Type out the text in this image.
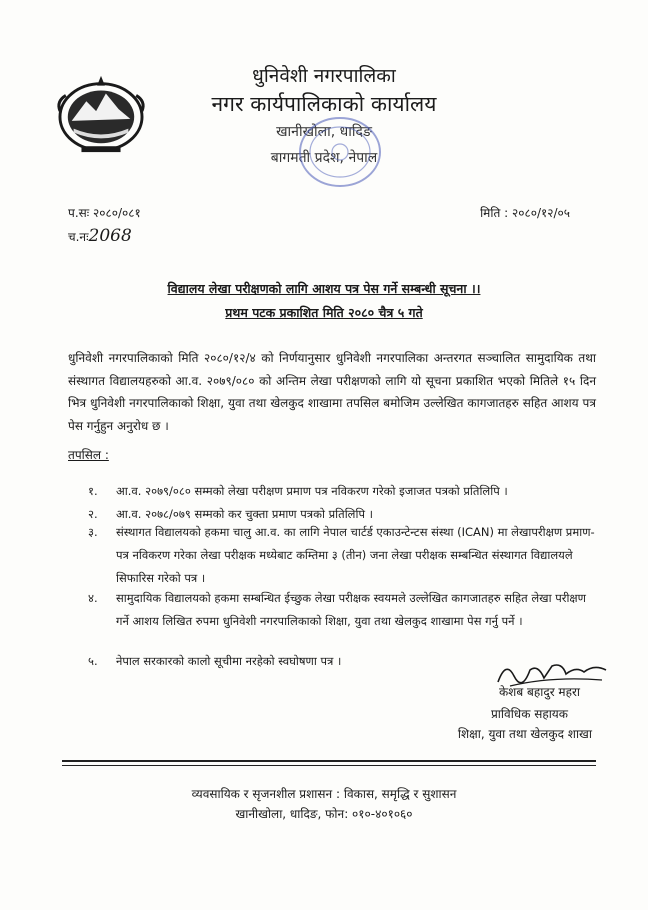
धुनिवेशी नगरपालिका
नगर कार्यपालिकाको कार्यालय
खानीखोला, धादिङ
बागमती प्रदेश, नेपाल
प.सः २०८०/०८१
च.नः2068
मिति : २०८०/१२/०५
विद्यालय लेखा परीक्षणको लागि आशय पत्र पेस गर्ने सम्बन्धी सूचना ।।
प्रथम पटक प्रकाशित मिति २०८० चैत्र ५ गते
धुनिवेशी नगरपालिकाको मिति २०८०/१२/४ को निर्णयानुसार धुनिवेशी नगरपालिका अन्तरगत सञ्चालित सामुदायिक तथा संस्थागत विद्यालयहरुको आ.व. २०७९/०८० को अन्तिम लेखा परीक्षणको लागि यो सूचना प्रकाशित भएको मितिले १५ दिन भित्र धुनिवेशी नगरपालिकाको शिक्षा, युवा तथा खेलकुद शाखामा तपसिल बमोजिम उल्लेखित कागजातहरु सहित आशय पत्र पेस गर्नुहुन अनुरोध छ ।
तपसिल :
१.	आ.व. २०७९/०८० सम्मको लेखा परीक्षण प्रमाण पत्र नविकरण गरेको इजाजत पत्रको प्रतिलिपि ।
२.	आ.व. २०७८/०७९ सम्मको कर चुक्ता प्रमाण पत्रको प्रतिलिपि ।
३.	संस्थागत विद्यालयको हकमा चालु आ.व. का लागि नेपाल चार्टर्ड एकाउन्टेन्टस संस्था (ICAN) मा लेखापरीक्षण प्रमाण-पत्र नविकरण गरेका लेखा परीक्षक मध्येबाट कम्तिमा ३ (तीन) जना लेखा परीक्षक सम्बन्धित संस्थागत विद्यालयले सिफारिस गरेको पत्र ।
४.	सामुदायिक विद्यालयको हकमा सम्बन्धित ईच्छुक लेखा परीक्षक स्वयमले उल्लेखित कागजातहरु सहित लेखा परीक्षण गर्ने आशय लिखित रुपमा धुनिवेशी नगरपालिकाको शिक्षा, युवा तथा खेलकुद शाखामा पेस गर्नु पर्ने ।
५.	नेपाल सरकारको कालो सूचीमा नरहेको स्वघोषणा पत्र ।
केशब बहादुर महरा
प्राविधिक सहायक
शिक्षा, युवा तथा खेलकुद शाखा
व्यवसायिक र सृजनशील प्रशासन : विकास, समृद्धि र सुशासन
खानीखोला, धादिङ, फोन: ०१०-४०१०६०
